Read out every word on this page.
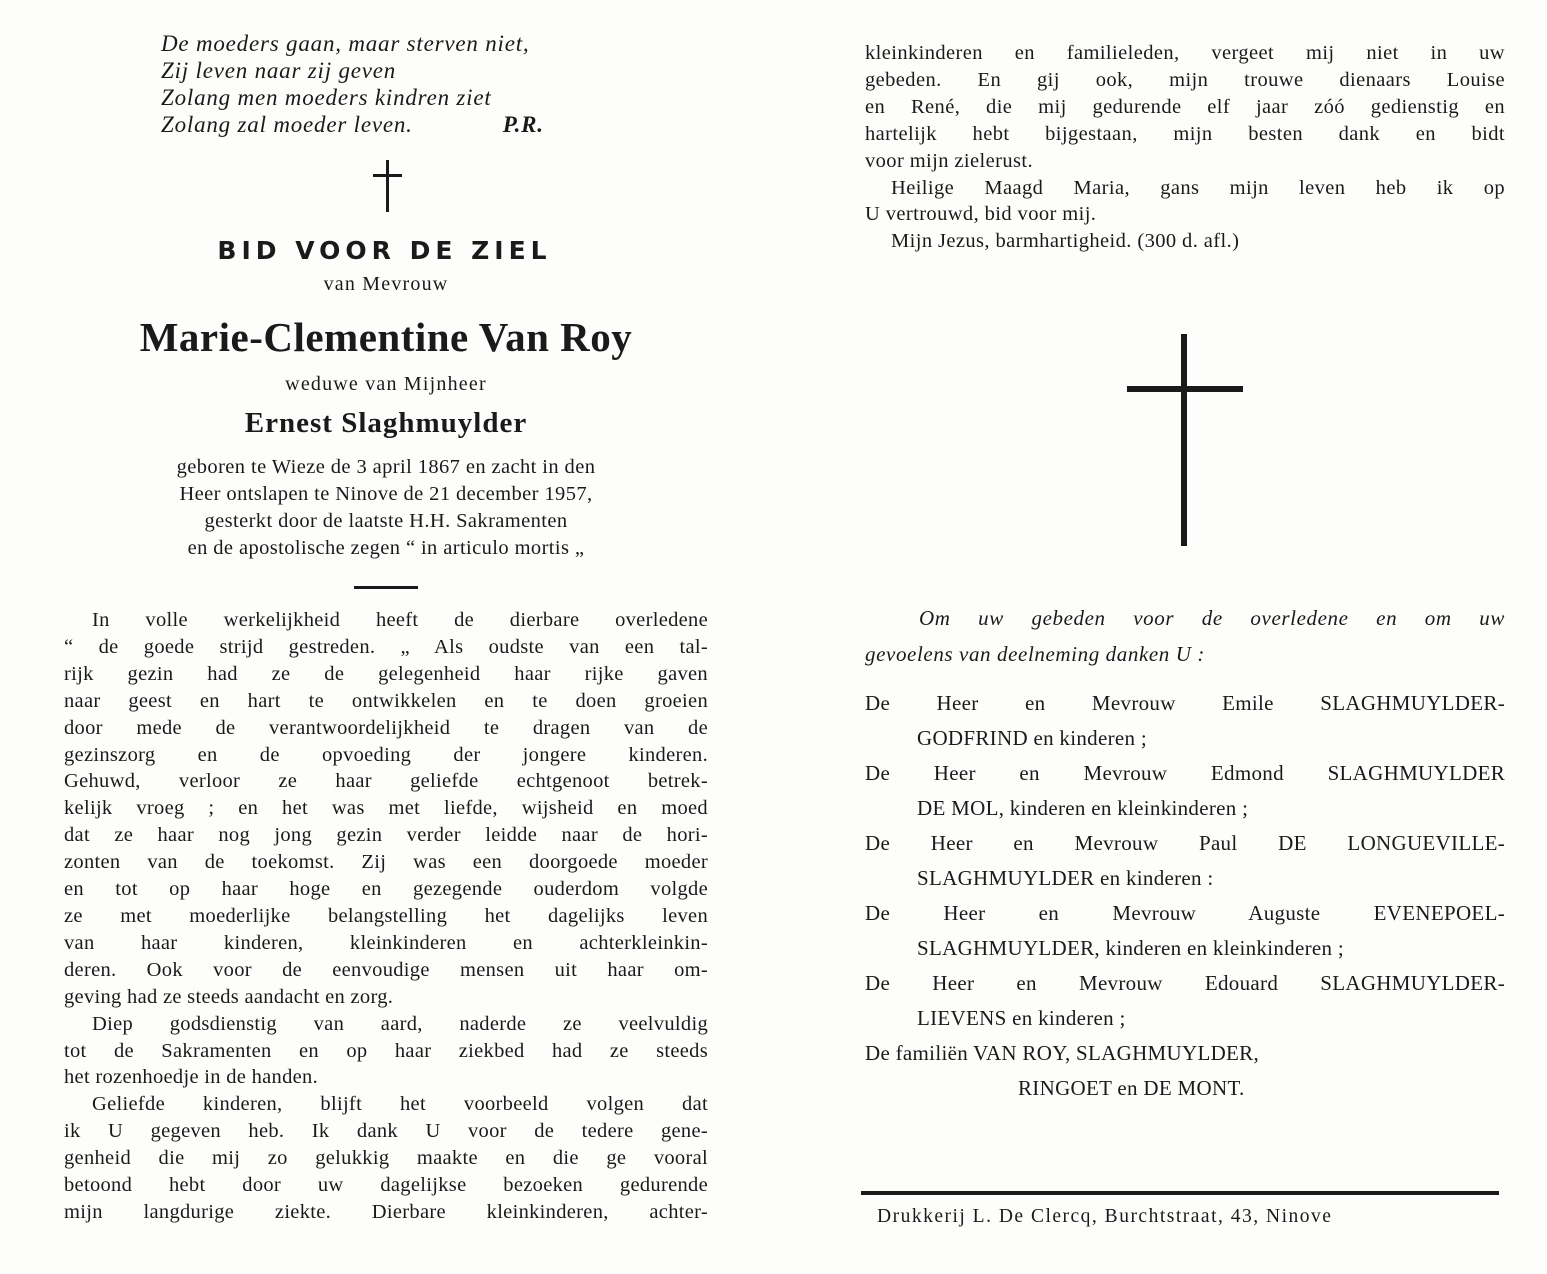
De moeders gaan, maar sterven niet,
Zij leven naar zij geven
Zolang men moeders kindren ziet
Zolang zal moeder leven.	P.R.
BID VOOR DE ZIEL
van Mevrouw
Marie-Clementine Van Roy
weduwe van Mijnheer
Ernest Slaghmuylder
geboren te Wieze de 3 april 1867 en zacht in den
Heer ontslapen te Ninove de 21 december 1957,
gesterkt door de laatste H.H. Sakramenten
en de apostolische zegen “ in articulo mortis „
In volle werkelijkheid heeft de dierbare overledene
“ de goede strijd gestreden. „ Als oudste van een tal-
rijk gezin had ze de gelegenheid haar rijke gaven
naar geest en hart te ontwikkelen en te doen groeien
door mede de verantwoordelijkheid te dragen van de
gezinszorg en de opvoeding der jongere kinderen.
Gehuwd, verloor ze haar geliefde echtgenoot betrek-
kelijk vroeg ; en het was met liefde, wijsheid en moed
dat ze haar nog jong gezin verder leidde naar de hori-
zonten van de toekomst. Zij was een doorgoede moeder
en tot op haar hoge en gezegende ouderdom volgde
ze met moederlijke belangstelling het dagelijks leven
van haar kinderen, kleinkinderen en achterkleinkin-
deren. Ook voor de eenvoudige mensen uit haar om-
geving had ze steeds aandacht en zorg.
Diep godsdienstig van aard, naderde ze veelvuldig
tot de Sakramenten en op haar ziekbed had ze steeds
het rozenhoedje in de handen.
Geliefde kinderen, blijft het voorbeeld volgen dat
ik U gegeven heb. Ik dank U voor de tedere gene-
genheid die mij zo gelukkig maakte en die ge vooral
betoond hebt door uw dagelijkse bezoeken gedurende
mijn langdurige ziekte. Dierbare kleinkinderen, achter-
kleinkinderen en familieleden, vergeet mij niet in uw
gebeden. En gij ook, mijn trouwe dienaars Louise
en René, die mij gedurende elf jaar zóó gedienstig en
hartelijk hebt bijgestaan, mijn besten dank en bidt
voor mijn zielerust.
Heilige Maagd Maria, gans mijn leven heb ik op
U vertrouwd, bid voor mij.
Mijn Jezus, barmhartigheid. (300 d. afl.)
Om uw gebeden voor de overledene en om uw
gevoelens van deelneming danken U :
De Heer en Mevrouw Emile SLAGHMUYLDER-
GODFRIND en kinderen ;
De Heer en Mevrouw Edmond SLAGHMUYLDER
DE MOL, kinderen en kleinkinderen ;
De Heer en Mevrouw Paul DE LONGUEVILLE-
SLAGHMUYLDER en kinderen :
De Heer en Mevrouw Auguste EVENEPOEL-
SLAGHMUYLDER, kinderen en kleinkinderen ;
De Heer en Mevrouw Edouard SLAGHMUYLDER-
LIEVENS en kinderen ;
De familiën VAN ROY, SLAGHMUYLDER,
RINGOET en DE MONT.
Drukkerij L. De Clercq, Burchtstraat, 43, Ninove
